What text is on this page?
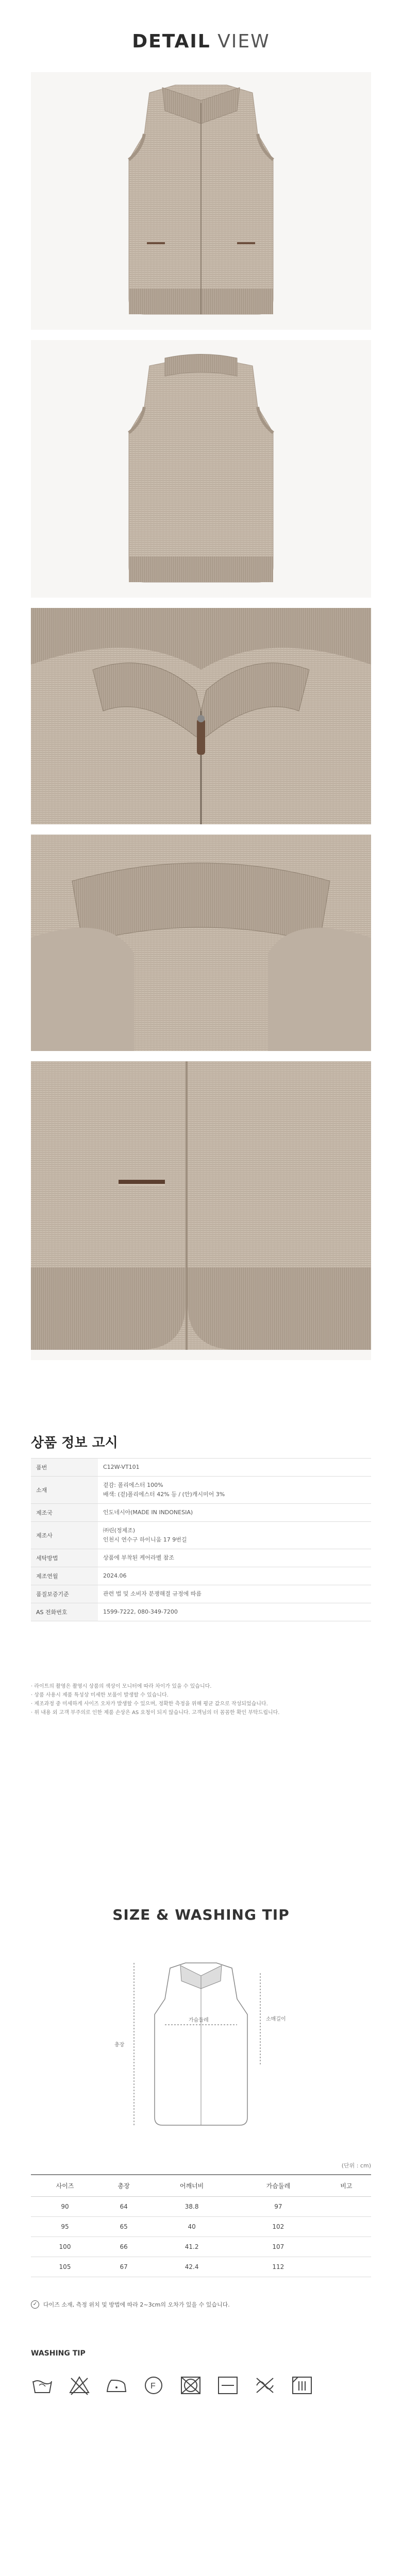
DETAIL VIEW
상품 정보 고시
품번	C12W-VT101
소재	겉감: 폴리에스터 100%
배색: (겉)폴리에스터 42% 등 / (안)캐시미어 3%
제조국	인도네시아(MADE IN INDONESIA)
제조사	㈜린(정제조)
인천시 연수구 하이니움 17 9번길
세탁방법	상품에 부착된 케어라벨 참조
제조연월	2024.06
품질보증기준	관련 법 및 소비자 분쟁해결 규정에 따름
AS 전화번호	1599-7222, 080-349-7200
· 라이트의 촬영은 촬영시 상품의 색상이 모니터에 따라 차이가 있을 수 있습니다.
· 상품 사용시 제품 특성상 미세한 보풀이 발생할 수 있습니다.
· 제조과정 중 미세하게 사이즈 오차가 발생할 수 있으며, 정확한 측정을 위해 평균 값으로 작성되었습니다.
· 위 내용 외 고객 부주의로 인한 제품 손상은 AS 요청이 되지 않습니다. 고객님의 더 꼼꼼한 확인 부탁드립니다.
SIZE & WASHING TIP
총장
가슴둘레	소매길이
(단위 : cm)
사이즈	총장	어깨너비	가슴둘레	비고
90	64	38.8	97	
95	65	40	102	
100	66	41.2	107	
105	67	42.4	112	
✓	다이즈 소재, 측정 위치 및 방법에 따라 2~3cm의 오차가 있을 수 있습니다.
WASHING TIP
F
